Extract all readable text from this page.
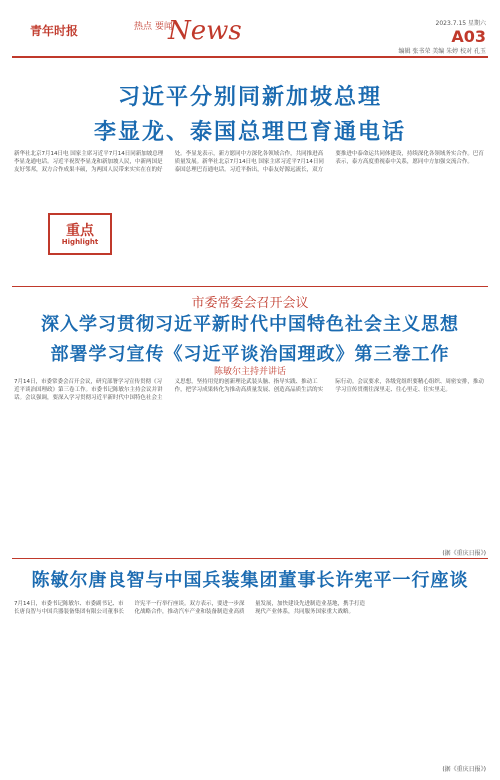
青年时报	热点 要闻
News	2023.7.15 星期六
A03
编辑 张书荣 美编 朱婷 校对 孔玉
习近平分别同新加坡总理
李显龙、泰国总理巴育通电话
新华社北京7月14日电 国家主席习近平7月14日同新加坡总理李显龙通电话。习近平祝贺李显龙和新加坡人民，中新两国是友好邻邦，双方合作成果丰硕，为两国人民带来实实在在的好处。李显龙表示，新方愿同中方深化各领域合作，共同推进高质量发展。新华社北京7月14日电 国家主席习近平7月14日同泰国总理巴育通电话。习近平指出，中泰友好源远流长，双方要推进中泰命运共同体建设，持续深化各领域务实合作。巴育表示，泰方高度重视泰中关系，愿同中方加强交流合作。
重点
Highlight
市委常委会召开会议
深入学习贯彻习近平新时代中国特色社会主义思想
部署学习宣传《习近平谈治国理政》第三卷工作
陈敏尔主持并讲话
7月14日，市委常委会召开会议，研究部署学习宣传贯彻《习近平谈治国理政》第三卷工作。市委书记陈敏尔主持会议并讲话。会议强调，要深入学习贯彻习近平新时代中国特色社会主义思想，坚持用党的创新理论武装头脑、指导实践、推动工作，把学习成果转化为推动高质量发展、创造高品质生活的实际行动。会议要求，各级党组织要精心组织、周密安排，推动学习宣传贯彻往深里走、往心里走、往实里走。
(据《重庆日报》)
陈敏尔唐良智与中国兵装集团董事长许宪平一行座谈
7月14日，市委书记陈敏尔、市委副书记、市长唐良智与中国兵器装备集团有限公司董事长许宪平一行举行座谈。双方表示，要进一步深化战略合作，推动汽车产业和装备制造业高质量发展，加快建设先进制造业基地，携手打造现代产业体系，共同服务国家重大战略。
(据《重庆日报》)
